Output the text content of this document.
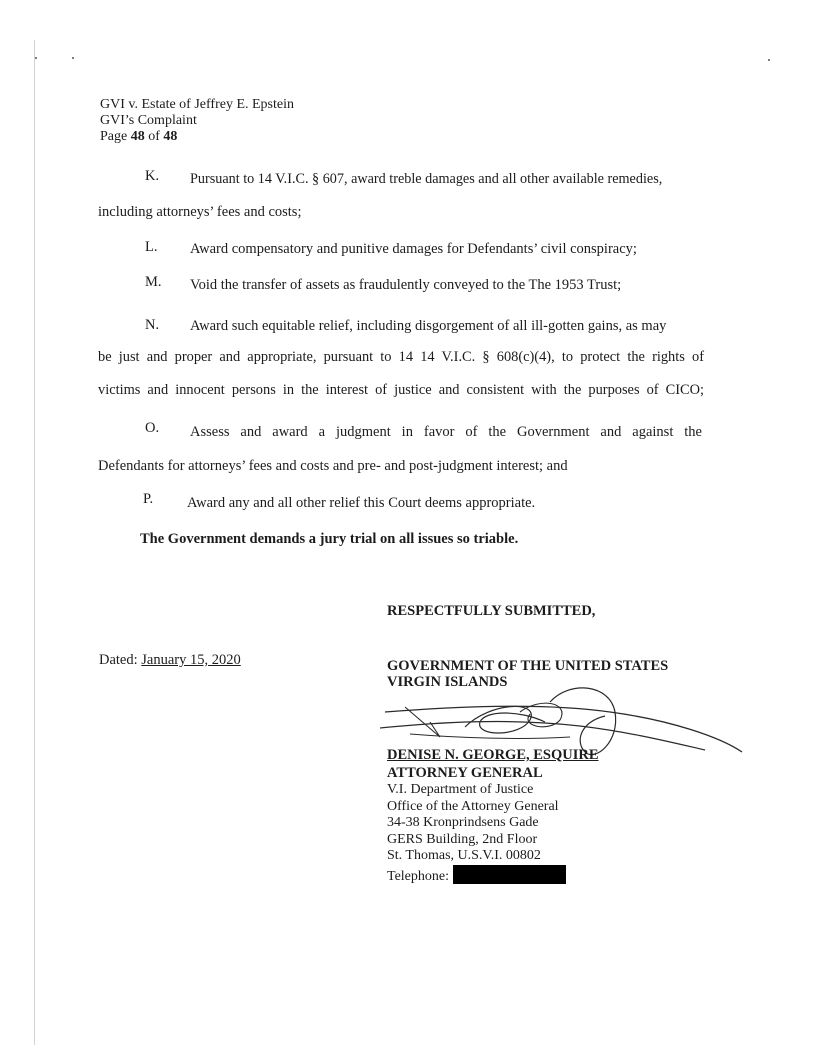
GVI v. Estate of Jeffrey E. Epstein
GVI’s Complaint
Page 48 of 48
K. Pursuant to 14 V.I.C. § 607, award treble damages and all other available remedies,
including attorneys’ fees and costs;
L. Award compensatory and punitive damages for Defendants’ civil conspiracy;
M. Void the transfer of assets as fraudulently conveyed to the The 1953 Trust;
N. Award such equitable relief, including disgorgement of all ill-gotten gains, as may
be just and proper and appropriate, pursuant to 14 14 V.I.C. § 608(c)(4), to protect the rights of
victims and innocent persons in the interest of justice and consistent with the purposes of CICO;
O. Assess and award a judgment in favor of the Government and against the
Defendants for attorneys’ fees and costs and pre- and post-judgment interest; and
P. Award any and all other relief this Court deems appropriate.
The Government demands a jury trial on all issues so triable.
Dated: January 15, 2020
RESPECTFULLY SUBMITTED,
GOVERNMENT OF THE UNITED STATES
VIRGIN ISLANDS
DENISE N. GEORGE, ESQUIRE
ATTORNEY GENERAL
V.I. Department of Justice
Office of the Attorney General
34-38 Kronprindsens Gade
GERS Building, 2nd Floor
St. Thomas, U.S.V.I. 00802
Telephone:
